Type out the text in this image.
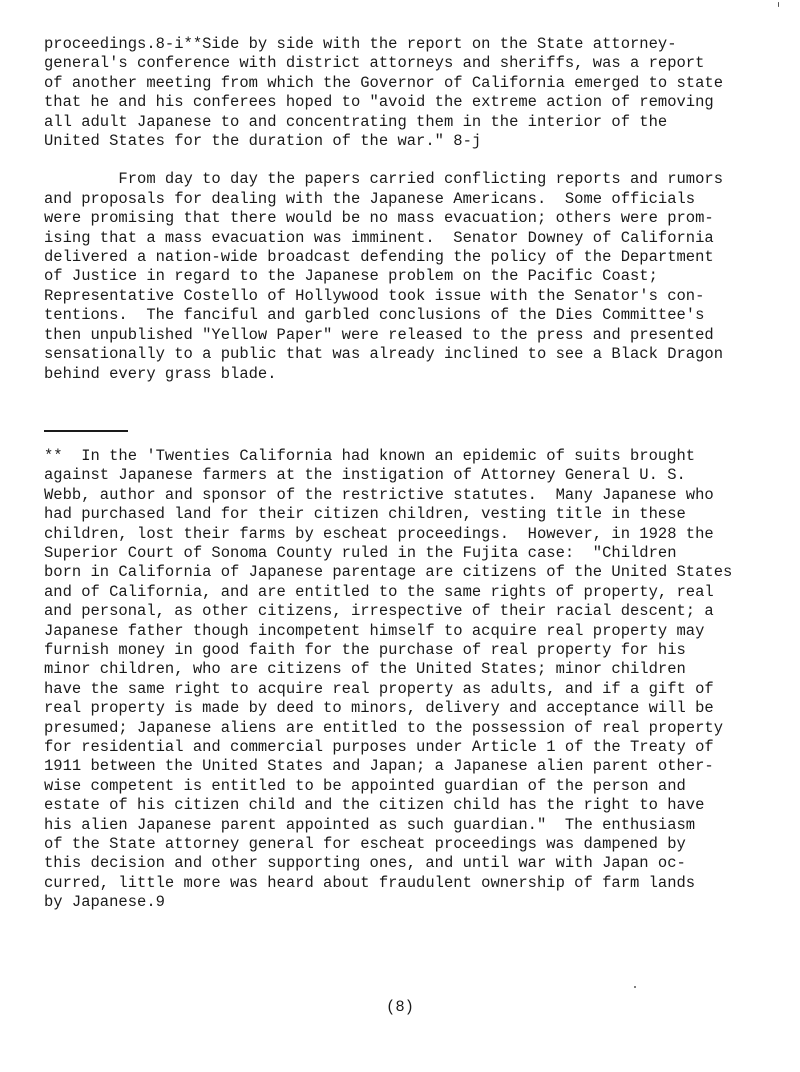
proceedings.8-i**Side by side with the report on the State attorney-
general's conference with district attorneys and sheriffs, was a report
of another meeting from which the Governor of California emerged to state
that he and his conferees hoped to "avoid the extreme action of removing
all adult Japanese to and concentrating them in the interior of the
United States for the duration of the war." 8-j
From day to day the papers carried conflicting reports and rumors
and proposals for dealing with the Japanese Americans.  Some officials
were promising that there would be no mass evacuation; others were prom-
ising that a mass evacuation was imminent.  Senator Downey of California
delivered a nation-wide broadcast defending the policy of the Department
of Justice in regard to the Japanese problem on the Pacific Coast;
Representative Costello of Hollywood took issue with the Senator's con-
tentions.  The fanciful and garbled conclusions of the Dies Committee's
then unpublished "Yellow Paper" were released to the press and presented
sensationally to a public that was already inclined to see a Black Dragon
behind every grass blade.
**  In the 'Twenties California had known an epidemic of suits brought
against Japanese farmers at the instigation of Attorney General U. S.
Webb, author and sponsor of the restrictive statutes.  Many Japanese who
had purchased land for their citizen children, vesting title in these
children, lost their farms by escheat proceedings.  However, in 1928 the
Superior Court of Sonoma County ruled in the Fujita case:  "Children
born in California of Japanese parentage are citizens of the United States
and of California, and are entitled to the same rights of property, real
and personal, as other citizens, irrespective of their racial descent; a
Japanese father though incompetent himself to acquire real property may
furnish money in good faith for the purchase of real property for his
minor children, who are citizens of the United States; minor children
have the same right to acquire real property as adults, and if a gift of
real property is made by deed to minors, delivery and acceptance will be
presumed; Japanese aliens are entitled to the possession of real property
for residential and commercial purposes under Article 1 of the Treaty of
1911 between the United States and Japan; a Japanese alien parent other-
wise competent is entitled to be appointed guardian of the person and
estate of his citizen child and the citizen child has the right to have
his alien Japanese parent appointed as such guardian."  The enthusiasm
of the State attorney general for escheat proceedings was dampened by
this decision and other supporting ones, and until war with Japan oc-
curred, little more was heard about fraudulent ownership of farm lands
by Japanese.9
(8)
